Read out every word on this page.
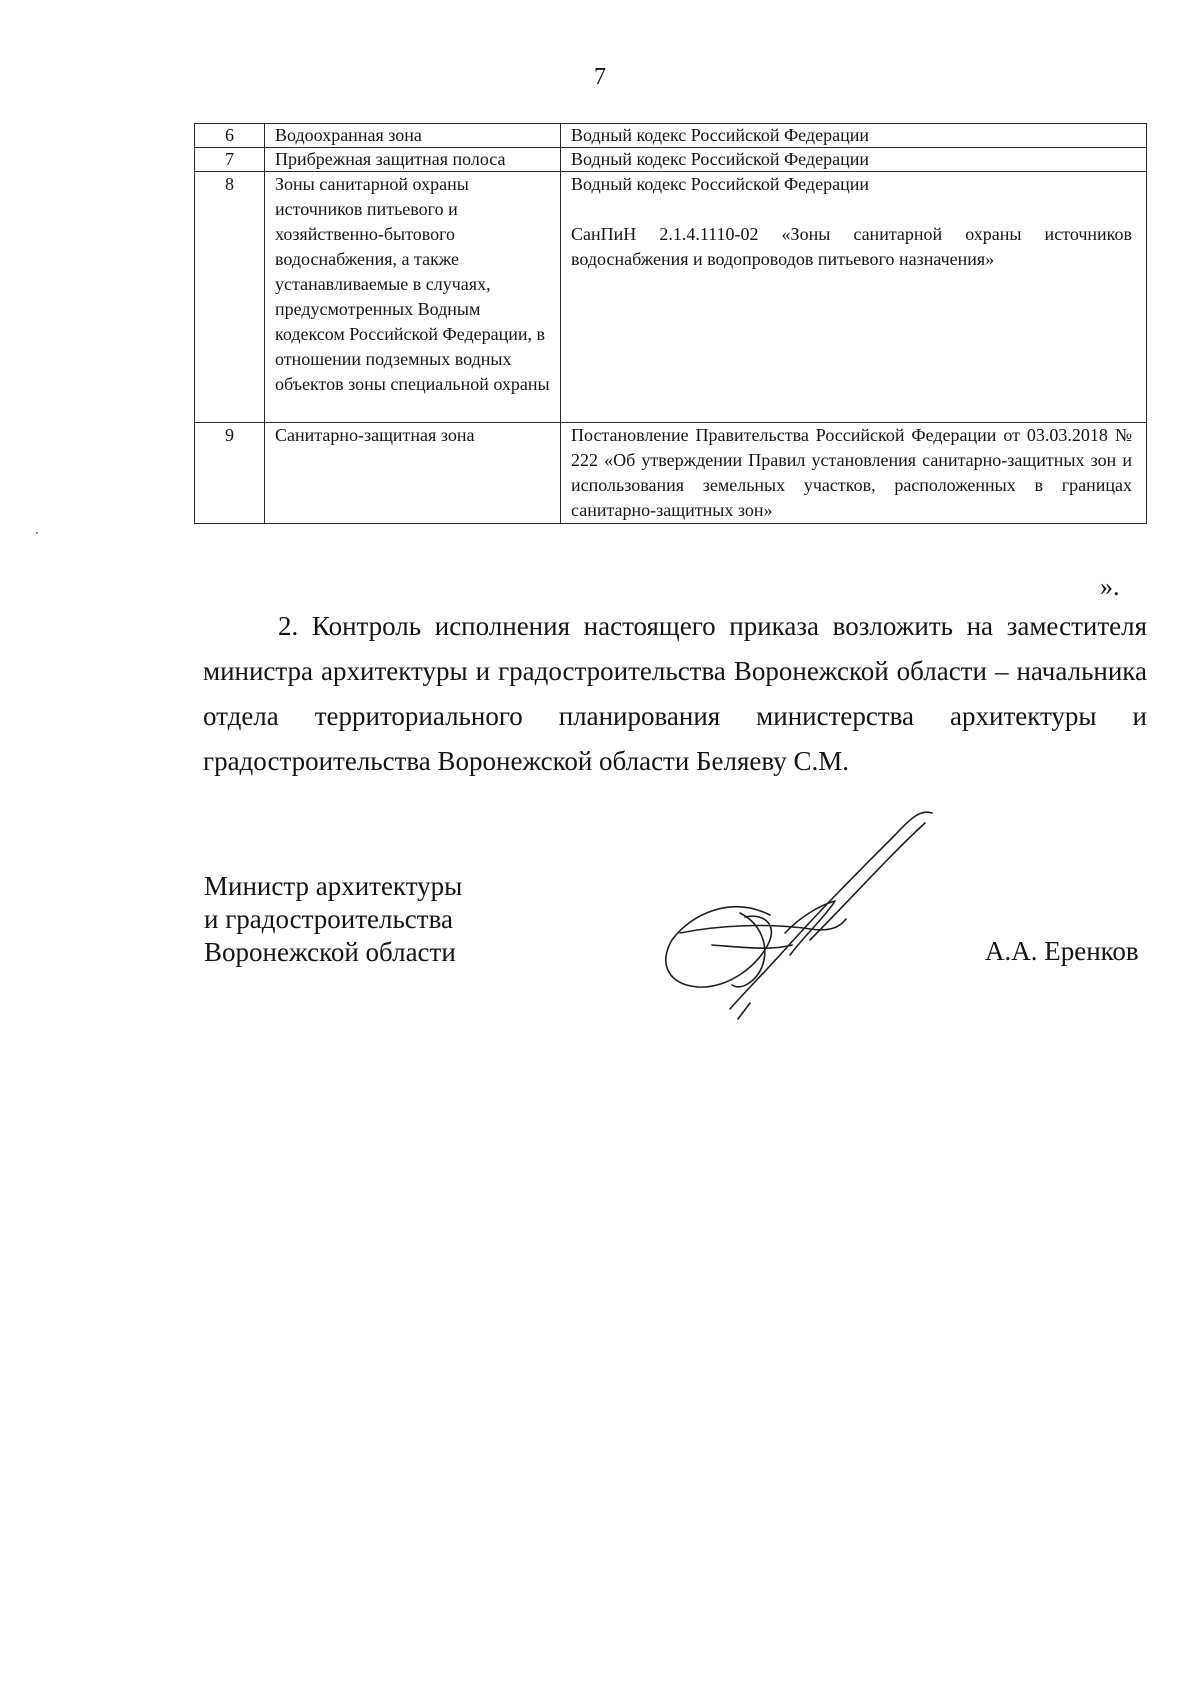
7
6	Водоохранная зона	Водный кодекс Российской Федерации
7	Прибрежная защитная полоса	Водный кодекс Российской Федерации
8	Зоны санитарной охраны источников питьевого и хозяйственно-бытового водоснабжения, а также устанавливаемые в случаях, предусмотренных Водным кодексом Российской Федерации, в отношении подземных водных объектов зоны специальной охраны	Водный кодекс Российской Федерации
СанПиН 2.1.4.1110-02 «Зоны санитарной охраны источников водоснабжения и водопроводов питьевого назначения»

9	Санитарно-защитная зона	Постановление Правительства Российской Федерации от 03.03.2018 № 222 «Об утверждении Правил установления санитарно-защитных зон и использования земельных участков, расположенных в границах санитарно-защитных зон»
».

2. Контроль исполнения настоящего приказа возложить на заместителя министра архитектуры и градостроительства Воронежской области – начальника отдела территориального планирования министерства архитектуры и градостроительства Воронежской области Беляеву С.М.

Министр архитектуры
и градостроительства
Воронежской области	А.А. Еренков
